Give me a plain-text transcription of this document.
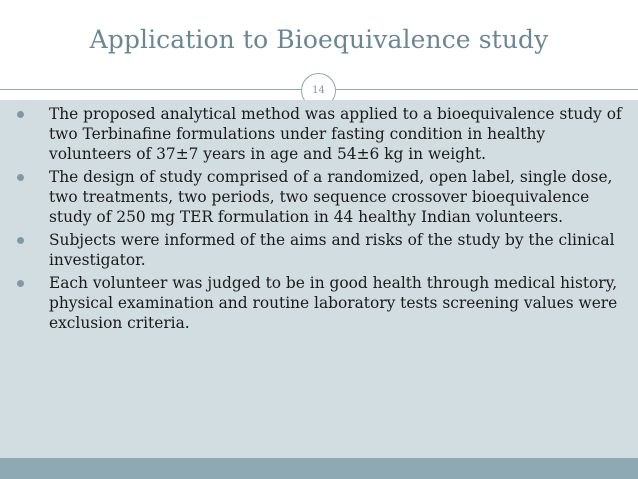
Application to Bioequivalence study
14
The proposed analytical method was applied to a bioequivalence study of two Terbinafine formulations under fasting condition in healthy volunteers of 37±7 years in age and 54±6 kg in weight.
The design of study comprised of a randomized, open label, single dose, two treatments, two periods, two sequence crossover bioequivalence study of 250 mg TER formulation in 44 healthy Indian volunteers.
Subjects were informed of the aims and risks of the study by the clinical investigator.
Each volunteer was judged to be in good health through medical history, physical examination and routine laboratory tests screening values were exclusion criteria.
